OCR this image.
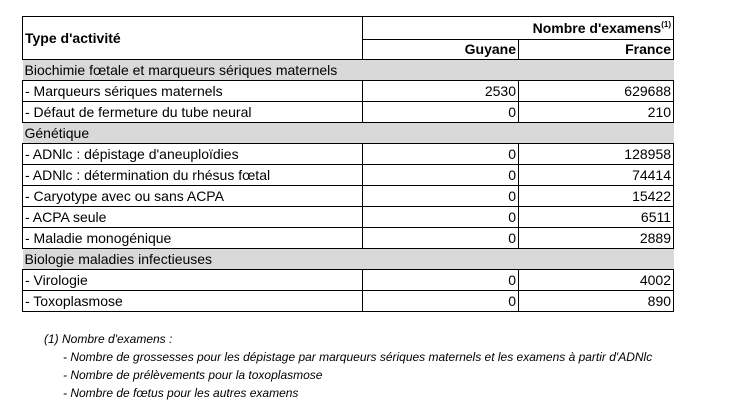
Type d'activité	Nombre d'examens$^{(1)}$
	Guyane	France
Biochimie fœtale et marqueurs sériques maternels		
- Marqueurs sériques maternels	2530	629688
- Défaut de fermeture du tube neural	0	210
Génétique		
- ADNlc : dépistage d'aneuploïdies	0	128958
- ADNlc : détermination du rhésus fœtal	0	74414
- Caryotype avec ou sans ACPA	0	15422
- ACPA seule	0	6511
- Maladie monogénique	0	2889
Biologie maladies infectieuses		
- Virologie	0	4002
- Toxoplasmose	0	890
(1) Nombre d'examens :
- Nombre de grossesses pour les dépistage par marqueurs sériques maternels et les examens à partir d'ADNlc
- Nombre de prélèvements pour la toxoplasmose
- Nombre de fœtus pour les autres examens
